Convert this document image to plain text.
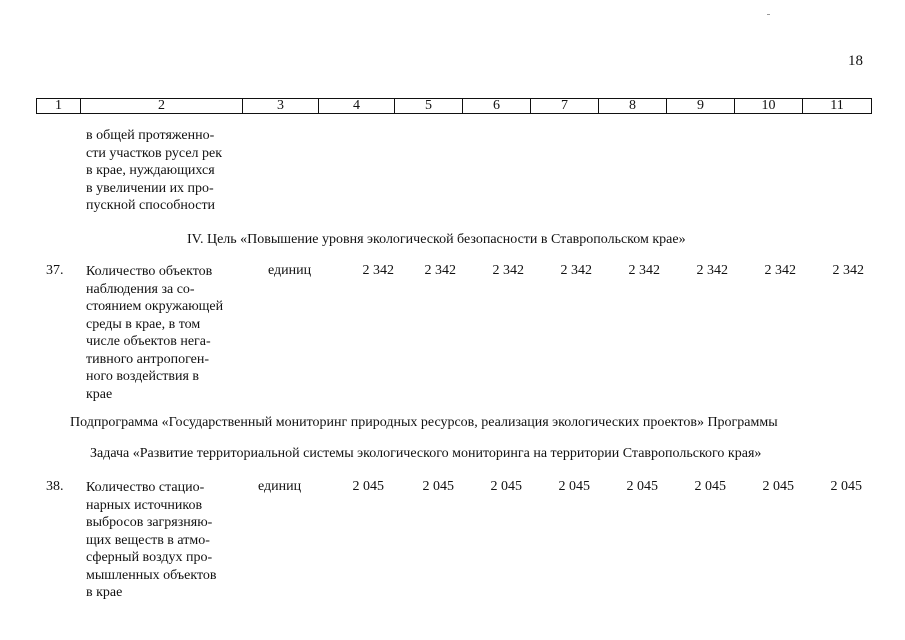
18
1	2	3	4	5	6	7	8	9	10	11
в общей протяженно-
сти участков русел рек
в крае, нуждающихся
в увеличении их про-
пускной способности
IV. Цель «Повышение уровня экологической безопасности в Ставропольском крае»
37. Количество объектов
наблюдения за со-
стоянием окружающей
среды в крае, в том
числе объектов нега-
тивного антропоген-
ного воздействия в
крае
единиц	2 342	2 342	2 342	2 342	2 342	2 342	2 342	2 342
Подпрограмма «Государственный мониторинг природных ресурсов, реализация экологических проектов» Программы
Задача «Развитие территориальной системы экологического мониторинга на территории Ставропольского края»
38. Количество стацио-
нарных источников
выбросов загрязняю-
щих веществ в атмо-
сферный воздух про-
мышленных объектов
в крае
единиц	2 045	2 045	2 045	2 045	2 045	2 045	2 045	2 045
